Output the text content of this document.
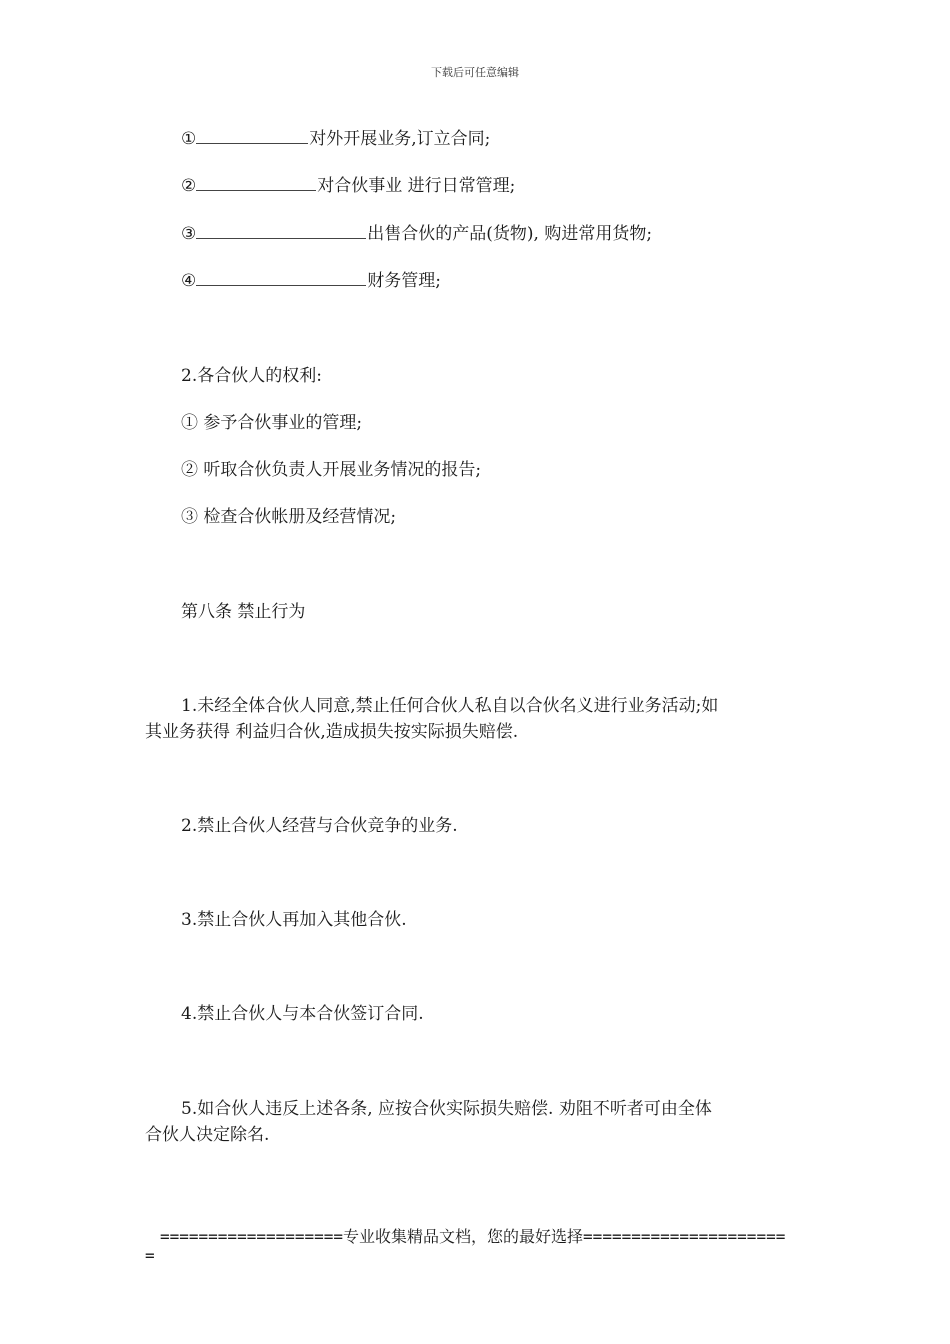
下载后可任意编辑
①	对外开展业务,订立合同;
②	对合伙事业 进行日常管理;
③	出售合伙的产品(货物), 购进常用货物;
④	财务管理;
2.各合伙人的权利:
① 参予合伙事业的管理;
② 听取合伙负责人开展业务情况的报告;
③ 检查合伙帐册及经营情况;
第八条 禁止行为
1.未经全体合伙人同意,禁止任何合伙人私自以合伙名义进行业务活动;如
其业务获得 利益归合伙,造成损失按实际损失赔偿.
2.禁止合伙人经营与合伙竞争的业务.
3.禁止合伙人再加入其他合伙.
4.禁止合伙人与本合伙签订合同.
5.如合伙人违反上述各条, 应按合伙实际损失赔偿. 劝阻不听者可由全体
合伙人决定除名.
===================专业收集精品文档，您的最好选择=====================
=
